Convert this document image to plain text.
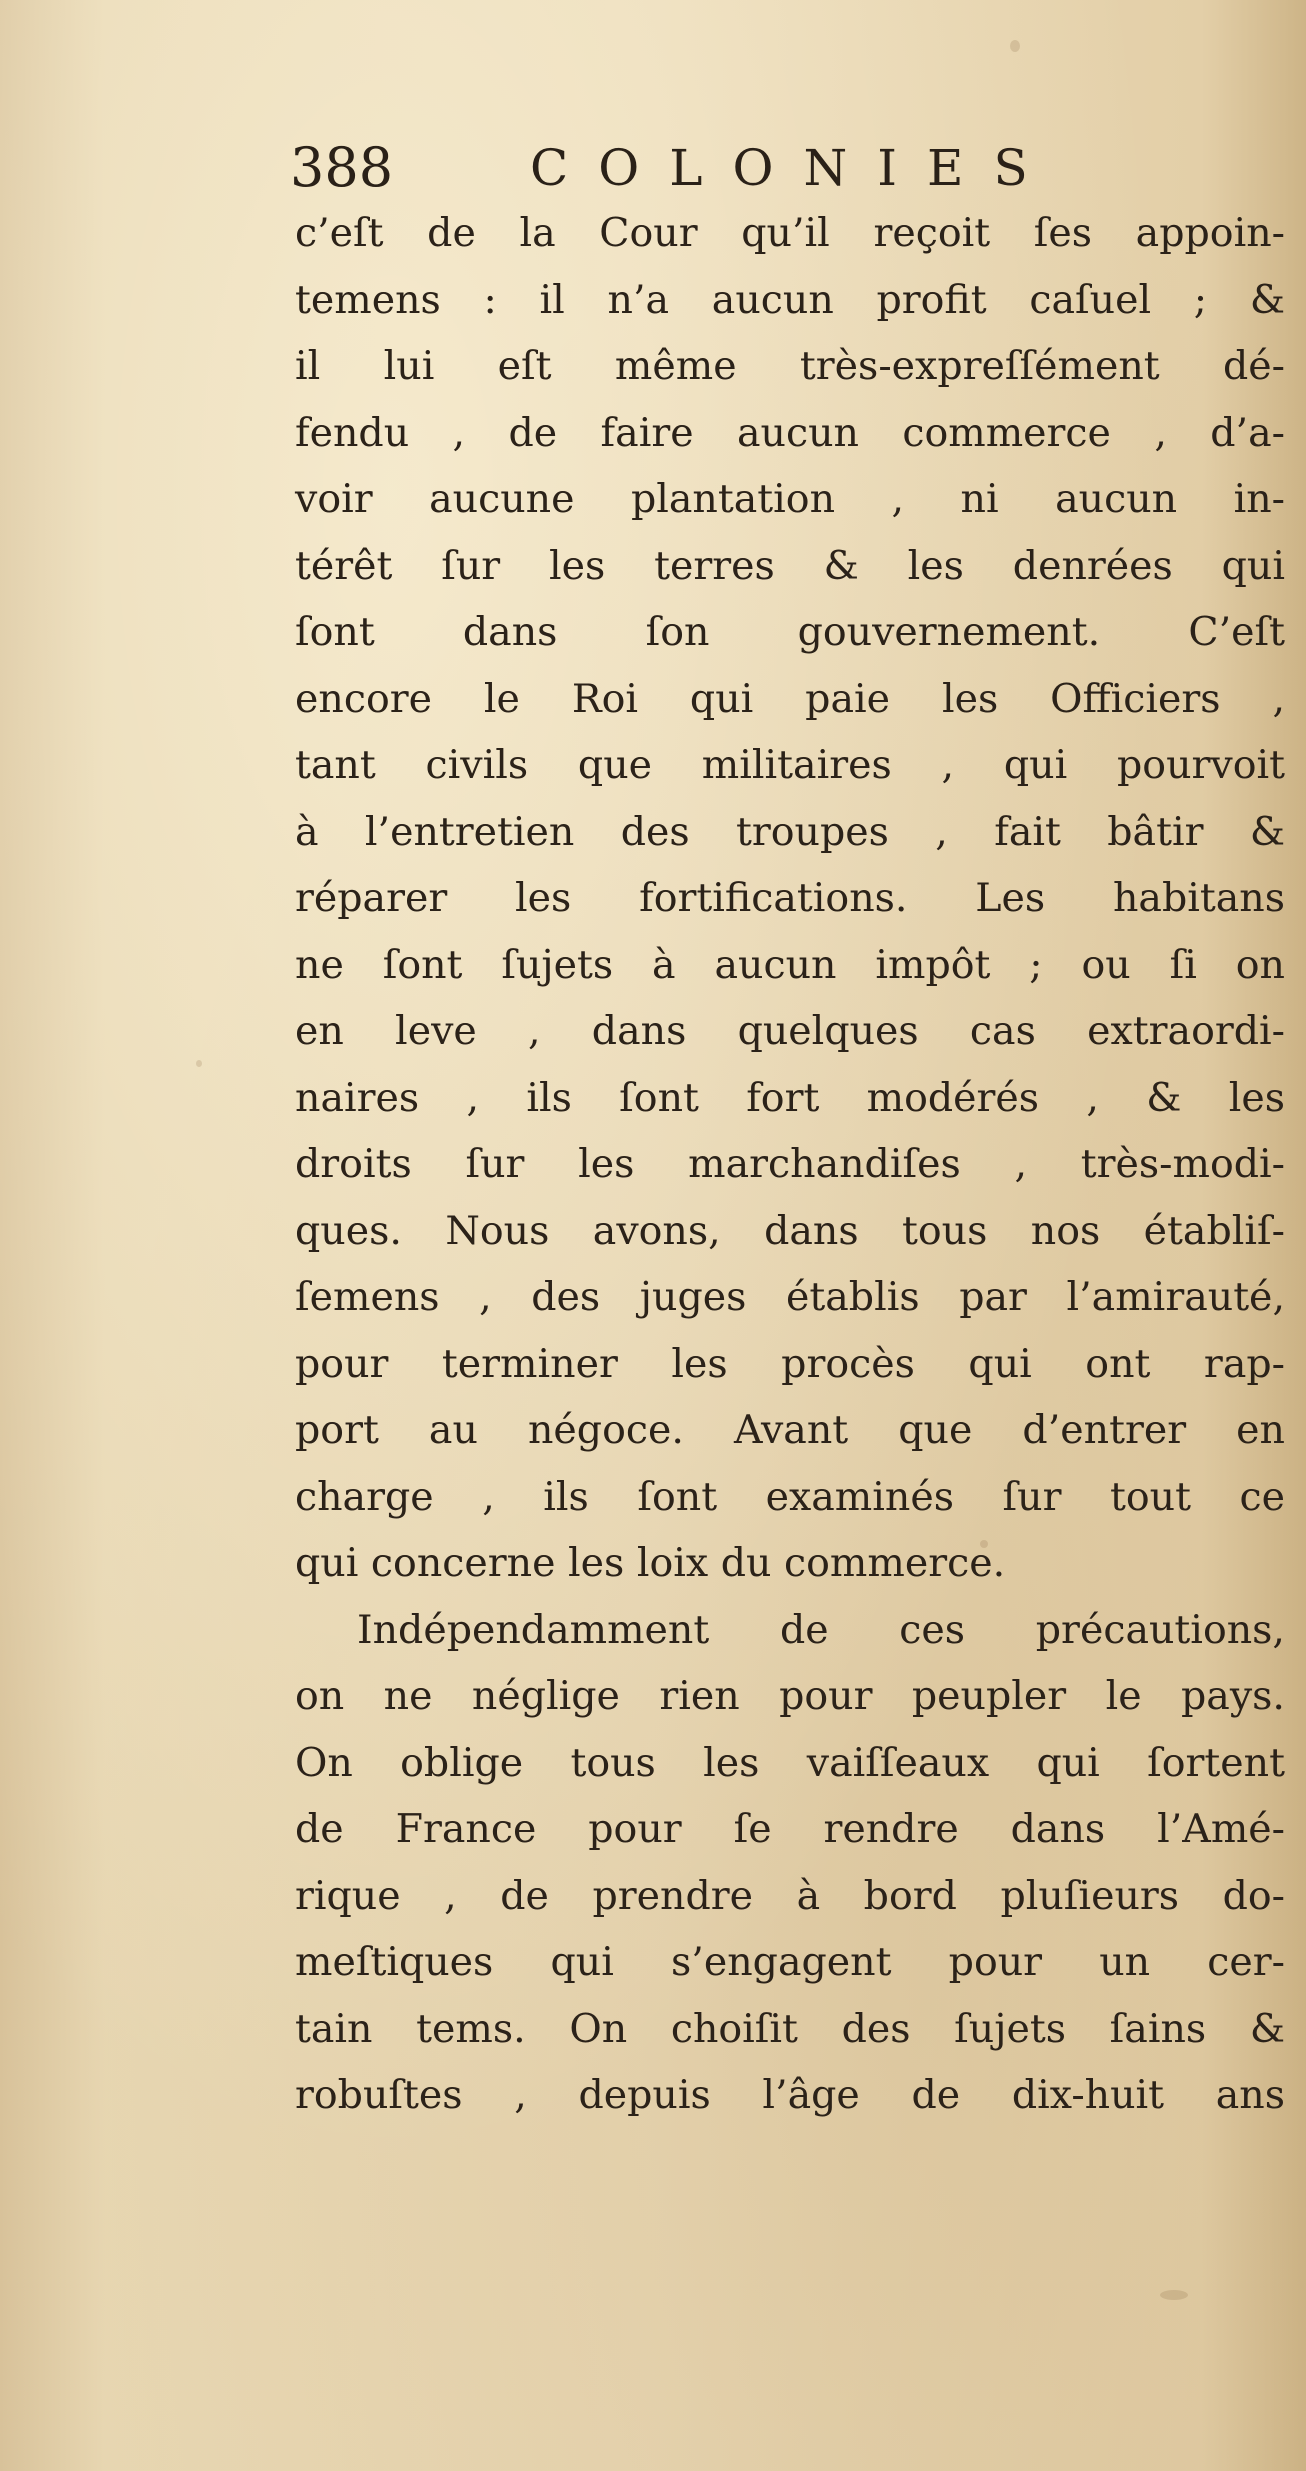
388	COLONIES
c’eſt de la Cour qu’il reçoit ſes appoin-
temens : il n’a aucun profit caſuel ; &
il lui eſt même très-expreſſément dé-
fendu , de faire aucun commerce , d’a-
voir aucune plantation , ni aucun in-
térêt ſur les terres & les denrées qui
ſont dans ſon gouvernement. C’eſt
encore le Roi qui paie les Officiers ,
tant civils que militaires , qui pourvoit
à l’entretien des troupes , fait bâtir &
réparer les fortifications. Les habitans
ne ſont ſujets à aucun impôt ; ou ſi on
en leve , dans quelques cas extraordi-
naires , ils ſont fort modérés , & les
droits ſur les marchandiſes , très-modi-
ques. Nous avons, dans tous nos établiſ-
ſemens , des juges établis par l’amirauté,
pour terminer les procès qui ont rap-
port au négoce. Avant que d’entrer en
charge , ils ſont examinés ſur tout ce
qui concerne les loix du commerce.
Indépendamment de ces précautions,
on ne néglige rien pour peupler le pays.
On oblige tous les vaiſſeaux qui ſortent
de France pour ſe rendre dans l’Amé-
rique , de prendre à bord pluſieurs do-
meſtiques qui s’engagent pour un cer-
tain tems. On choiſit des ſujets ſains &
robuſtes , depuis l’âge de dix-huit ans
